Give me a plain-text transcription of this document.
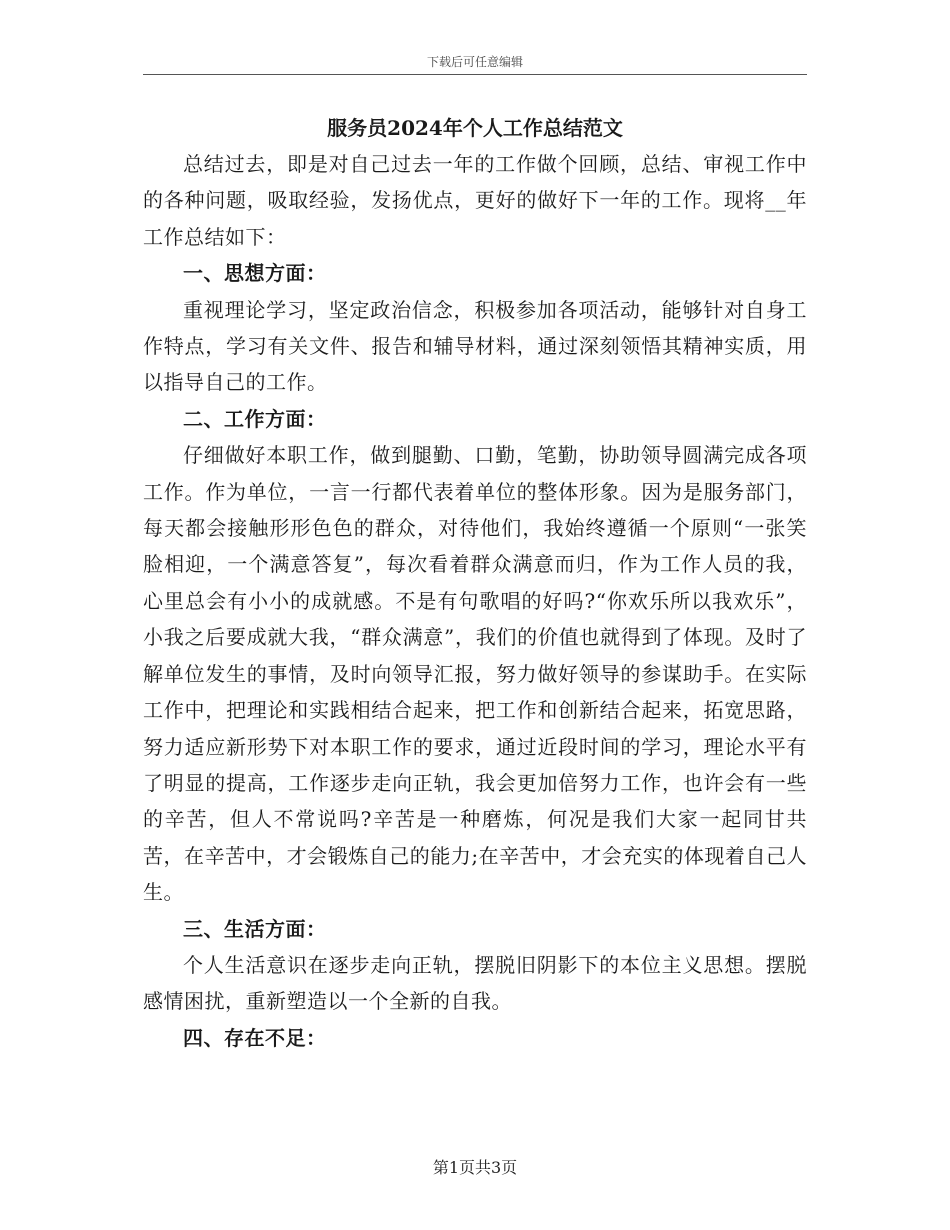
下载后可任意编辑
服务员2024年个人工作总结范文

总结过去，即是对自己过去一年的工作做个回顾，总结、审视工作中的各种问题，吸取经验，发扬优点，更好的做好下一年的工作。现将__年工作总结如下：

一、思想方面：

重视理论学习，坚定政治信念，积极参加各项活动，能够针对自身工作特点，学习有关文件、报告和辅导材料，通过深刻领悟其精神实质，用以指导自己的工作。

二、工作方面：

仔细做好本职工作，做到腿勤、口勤，笔勤，协助领导圆满完成各项工作。作为单位，一言一行都代表着单位的整体形象。因为是服务部门，每天都会接触形形色色的群众，对待他们，我始终遵循一个原则“一张笑脸相迎，一个满意答复”，每次看着群众满意而归，作为工作人员的我，心里总会有小小的成就感。不是有句歌唱的好吗?“你欢乐所以我欢乐”，小我之后要成就大我，“群众满意”，我们的价值也就得到了体现。及时了解单位发生的事情，及时向领导汇报，努力做好领导的参谋助手。在实际工作中，把理论和实践相结合起来，把工作和创新结合起来，拓宽思路，努力适应新形势下对本职工作的要求，通过近段时间的学习，理论水平有了明显的提高，工作逐步走向正轨，我会更加倍努力工作，也许会有一些的辛苦，但人不常说吗?辛苦是一种磨炼，何况是我们大家一起同甘共苦，在辛苦中，才会锻炼自己的能力;在辛苦中，才会充实的体现着自己人生。

三、生活方面：

个人生活意识在逐步走向正轨，摆脱旧阴影下的本位主义思想。摆脱感情困扰，重新塑造以一个全新的自我。

四、存在不足：

第1页共3页
